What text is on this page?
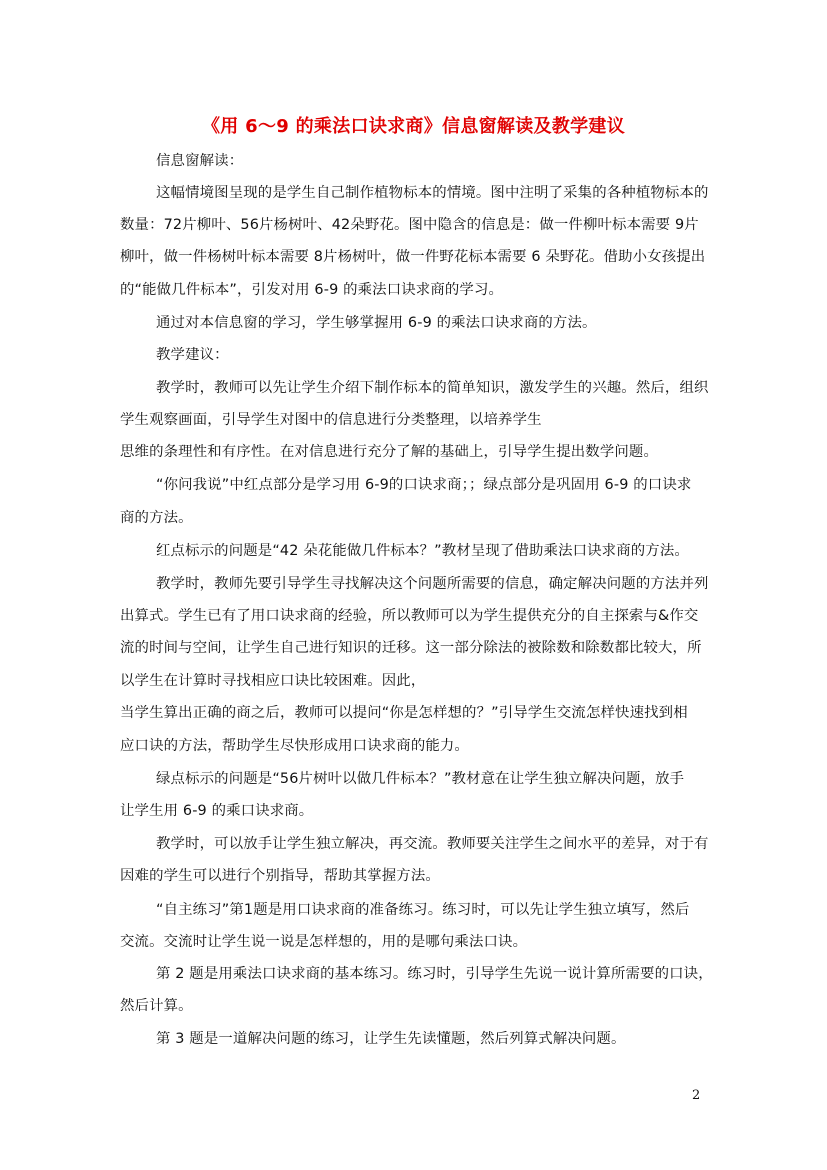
《用 6～9 的乘法口诀求商》信息窗解读及教学建议
信息窗解读：
这幅情境图呈现的是学生自己制作植物标本的情境。图中注明了采集的各种植物标本的
数量：72片柳叶、56片杨树叶、42朵野花。图中隐含的信息是：做一件柳叶标本需要 9片
柳叶，做一件杨树叶标本需要 8片杨树叶，做一件野花标本需要 6 朵野花。借助小女孩提出
的“能做几件标本”，引发对用 6-9 的乘法口诀求商的学习。
通过对本信息窗的学习，学生够掌握用 6-9 的乘法口诀求商的方法。
教学建议：
教学时，教师可以先让学生介绍下制作标本的简单知识，激发学生的兴趣。然后，组织
学生观察画面，引导学生对图中的信息进行分类整理，以培养学生
思维的条理性和有序性。在对信息进行充分了解的基础上，引导学生提出数学问题。
“你问我说”中红点部分是学习用 6-9的口诀求商；；绿点部分是巩固用 6-9 的口诀求
商的方法。
红点标示的问题是“42 朵花能做几件标本？”教材呈现了借助乘法口诀求商的方法。
教学时，教师先要引导学生寻找解决这个问题所需要的信息，确定解决问题的方法并列
出算式。学生已有了用口诀求商的经验，所以教师可以为学生提供充分的自主探索与&作交
流的时间与空间，让学生自己进行知识的迁移。这一部分除法的被除数和除数都比较大，所
以学生在计算时寻找相应口诀比较困难。因此，
当学生算出正确的商之后，教师可以提问“你是怎样想的？”引导学生交流怎样快速找到相
应口诀的方法，帮助学生尽快形成用口诀求商的能力。
绿点标示的问题是“56片树叶以做几件标本？”教材意在让学生独立解决问题，放手
让学生用 6-9 的乘口诀求商。
教学时，可以放手让学生独立解决，再交流。教师要关注学生之间水平的差异，对于有
因难的学生可以进行个别指导，帮助其掌握方法。
“自主练习”第1题是用口诀求商的准备练习。练习时，可以先让学生独立填写，然后
交流。交流时让学生说一说是怎样想的，用的是哪句乘法口诀。
第 2 题是用乘法口诀求商的基本练习。练习时，引导学生先说一说计算所需要的口诀，
然后计算。
第 3 题是一道解决问题的练习，让学生先读懂题，然后列算式解决问题。
2
